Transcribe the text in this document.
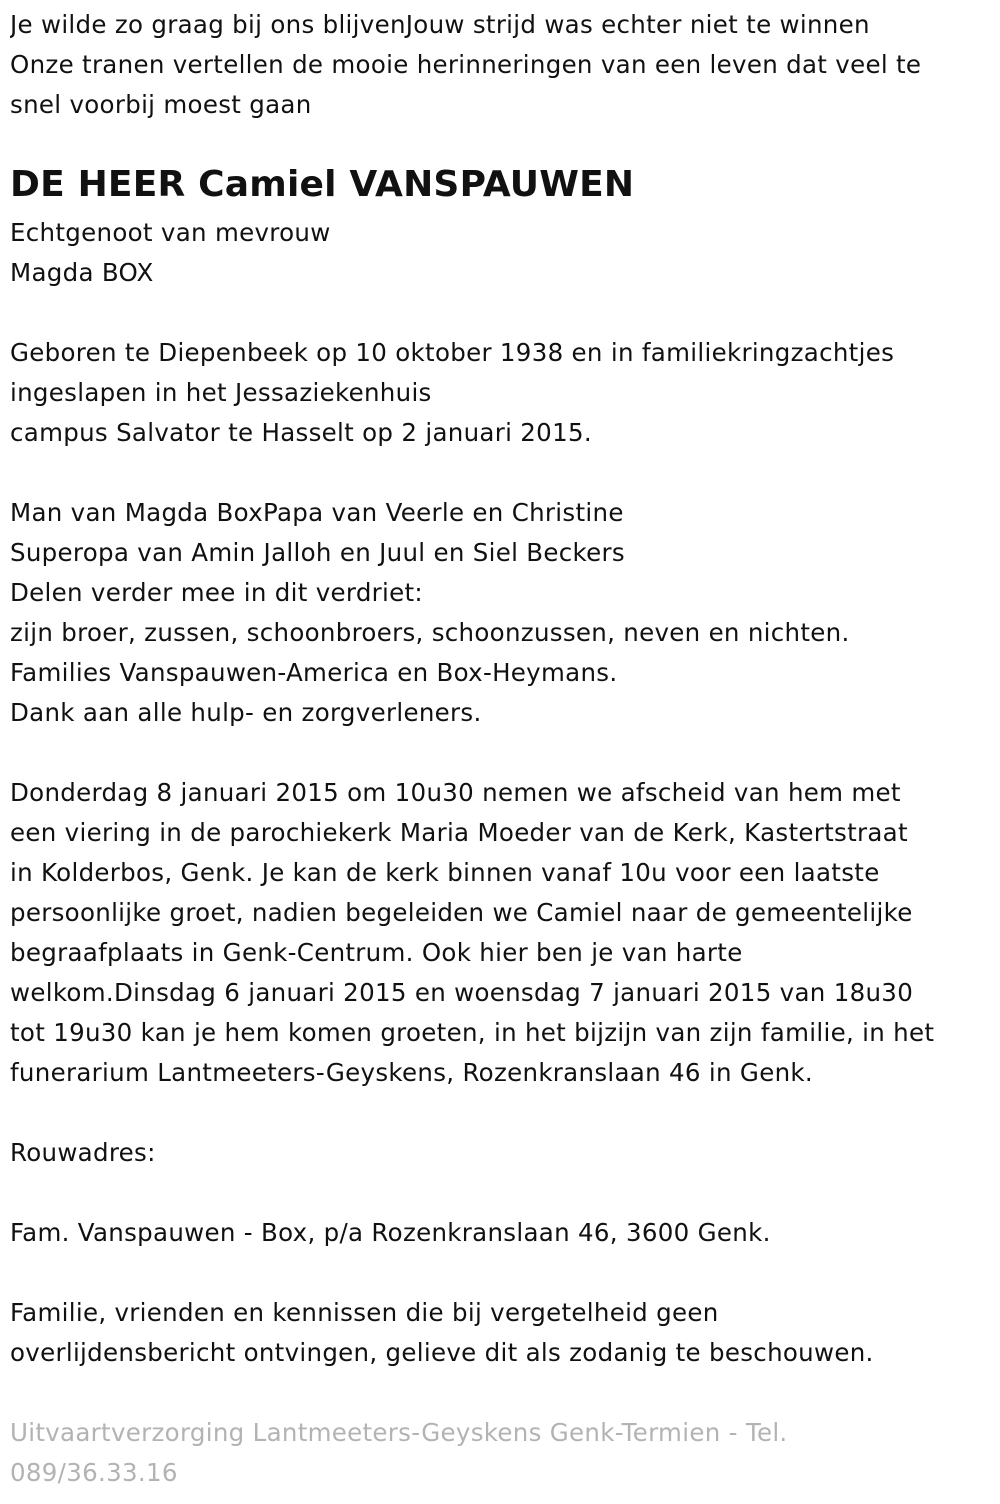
Je wilde zo graag bij ons blijvenJouw strijd was echter niet te winnen
Onze tranen vertellen de mooie herinneringen van een leven dat veel te
snel voorbij moest gaan
DE HEER Camiel VANSPAUWEN
Echtgenoot van mevrouw
Magda BOX
Geboren te Diepenbeek op 10 oktober 1938 en in familiekringzachtjes
ingeslapen in het Jessaziekenhuis
campus Salvator te Hasselt op 2 januari 2015.
Man van Magda BoxPapa van Veerle en Christine
Superopa van Amin Jalloh en Juul en Siel Beckers
Delen verder mee in dit verdriet:
zijn broer, zussen, schoonbroers, schoonzussen, neven en nichten.
Families Vanspauwen-America en Box-Heymans.
Dank aan alle hulp- en zorgverleners.
Donderdag 8 januari 2015 om 10u30 nemen we afscheid van hem met
een viering in de parochiekerk Maria Moeder van de Kerk, Kastertstraat
in Kolderbos, Genk. Je kan de kerk binnen vanaf 10u voor een laatste
persoonlijke groet, nadien begeleiden we Camiel naar de gemeentelijke
begraafplaats in Genk-Centrum. Ook hier ben je van harte
welkom.Dinsdag 6 januari 2015 en woensdag 7 januari 2015 van 18u30
tot 19u30 kan je hem komen groeten, in het bijzijn van zijn familie, in het
funerarium Lantmeeters-Geyskens, Rozenkranslaan 46 in Genk.
Rouwadres:
Fam. Vanspauwen - Box, p/a Rozenkranslaan 46, 3600 Genk.
Familie, vrienden en kennissen die bij vergetelheid geen
overlijdensbericht ontvingen, gelieve dit als zodanig te beschouwen.
Uitvaartverzorging Lantmeeters-Geyskens Genk-Termien - Tel.
089/36.33.16
